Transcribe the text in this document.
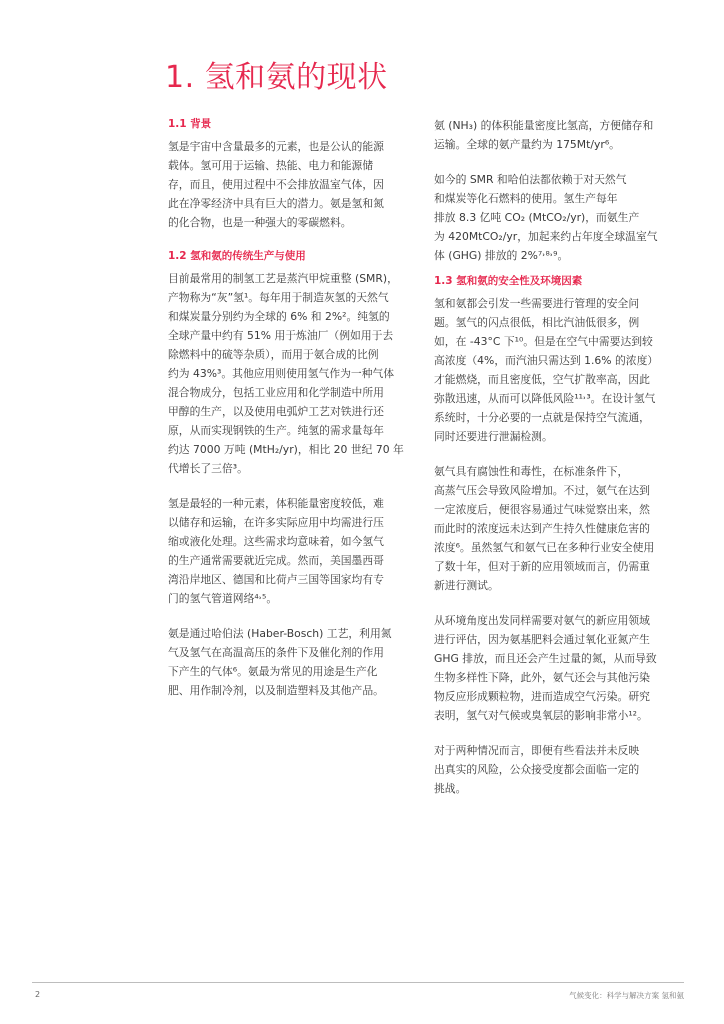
1. 氢和氨的现状
1.1 背景

氢是宇宙中含量最多的元素，也是公认的能源
载体。氢可用于运输、热能、电力和能源储
存，而且，使用过程中不会排放温室气体，因
此在净零经济中具有巨大的潜力。氨是氢和氮
的化合物，也是一种强大的零碳燃料。

1.2 氢和氨的传统生产与使用

目前最常用的制氢工艺是蒸汽甲烷重整 (SMR)，
产物称为“灰”氢¹。每年用于制造灰氢的天然气
和煤炭量分别约为全球的 6% 和 2%²。纯氢的
全球产量中约有 51% 用于炼油厂（例如用于去
除燃料中的硫等杂质），而用于氨合成的比例
约为 43%³。其他应用则使用氢气作为一种气体
混合物成分，包括工业应用和化学制造中所用
甲醇的生产，以及使用电弧炉工艺对铁进行还
原，从而实现钢铁的生产。纯氢的需求量每年
约达 7000 万吨 (MtH₂/yr)，相比 20 世纪 70 年
代增长了三倍³。

氢是最轻的一种元素，体积能量密度较低，难
以储存和运输，在许多实际应用中均需进行压
缩或液化处理。这些需求均意味着，如今氢气
的生产通常需要就近完成。然而，美国墨西哥
湾沿岸地区、德国和比荷卢三国等国家均有专
门的氢气管道网络⁴˒⁵。

氨是通过哈伯法 (Haber-Bosch) 工艺，利用氮
气及氢气在高温高压的条件下及催化剂的作用
下产生的气体⁶。氨最为常见的用途是生产化
肥、用作制冷剂，以及制造塑料及其他产品。

氨 (NH₃) 的体积能量密度比氢高，方便储存和
运输。全球的氨产量约为 175Mt/yr⁶。

如今的 SMR 和哈伯法都依赖于对天然气
和煤炭等化石燃料的使用。氢生产每年
排放 8.3 亿吨 CO₂ (MtCO₂/yr)，而氨生产
为 420MtCO₂/yr，加起来约占年度全球温室气
体 (GHG) 排放的 2%⁷˒⁸˒⁹。

1.3 氢和氨的安全性及环境因素

氢和氨都会引发一些需要进行管理的安全问
题。氢气的闪点很低，相比汽油低很多，例
如，在 -43°C 下¹⁰。但是在空气中需要达到较
高浓度（4%，而汽油只需达到 1.6% 的浓度）
才能燃烧，而且密度低，空气扩散率高，因此
弥散迅速，从而可以降低风险¹¹˒³。在设计氢气
系统时，十分必要的一点就是保持空气流通，
同时还要进行泄漏检测。

氨气具有腐蚀性和毒性，在标准条件下，
高蒸气压会导致风险增加。不过，氨气在达到
一定浓度后，便很容易通过气味觉察出来，然
而此时的浓度远未达到产生持久性健康危害的
浓度⁶。虽然氢气和氨气已在多种行业安全使用
了数十年，但对于新的应用领域而言，仍需重
新进行测试。

从环境角度出发同样需要对氨气的新应用领域
进行评估，因为氨基肥料会通过氧化亚氮产生
GHG 排放，而且还会产生过量的氮，从而导致
生物多样性下降，此外，氨气还会与其他污染
物反应形成颗粒物，进而造成空气污染。研究
表明，氢气对气候或臭氧层的影响非常小¹²。

对于两种情况而言，即便有些看法并未反映
出真实的风险，公众接受度都会面临一定的
挑战。

2	气候变化：科学与解决方案 氢和氨
